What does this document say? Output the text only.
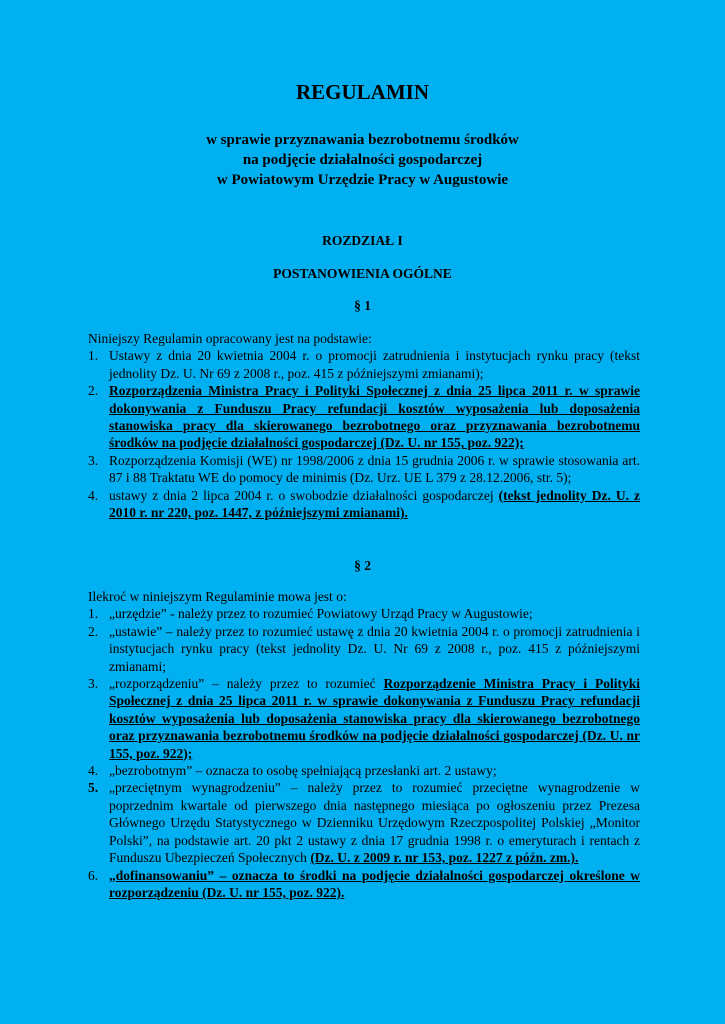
REGULAMIN
w sprawie przyznawania bezrobotnemu środków
na podjęcie działalności gospodarczej
w Powiatowym Urzędzie Pracy w Augustowie
ROZDZIAŁ I
POSTANOWIENIA OGÓLNE
§ 1

Niniejszy Regulamin opracowany jest na podstawie:

1. Ustawy z dnia 20 kwietnia 2004 r. o promocji zatrudnienia i instytucjach rynku pracy (tekst jednolity Dz. U. Nr 69 z 2008 r., poz. 415 z późniejszymi zmianami);
2. Rozporządzenia Ministra Pracy i Polityki Społecznej z dnia 25 lipca 2011 r. w sprawie dokonywania z Funduszu Pracy refundacji kosztów wyposażenia lub doposażenia stanowiska pracy dla skierowanego bezrobotnego oraz przyznawania bezrobotnemu środków na podjęcie działalności gospodarczej (Dz. U. nr 155, poz. 922);
3. Rozporządzenia Komisji (WE) nr 1998/2006 z dnia 15 grudnia 2006 r. w sprawie stosowania art. 87 i 88 Traktatu WE do pomocy de minimis (Dz. Urz. UE L 379 z 28.12.2006, str. 5);
4. ustawy z dnia 2 lipca 2004 r. o swobodzie działalności gospodarczej (tekst jednolity Dz. U. z 2010 r. nr 220, poz. 1447, z późniejszymi zmianami).
§ 2

Ilekroć w niniejszym Regulaminie mowa jest o:

1. „urzędzie” - należy przez to rozumieć Powiatowy Urząd Pracy w Augustowie;
2. „ustawie” – należy przez to rozumieć ustawę z dnia 20 kwietnia 2004 r. o promocji zatrudnienia i instytucjach rynku pracy (tekst jednolity Dz. U. Nr 69 z 2008 r., poz. 415 z późniejszymi zmianami;
3. „rozporządzeniu” – należy przez to rozumieć Rozporządzenie Ministra Pracy i Polityki Społecznej z dnia 25 lipca 2011 r. w sprawie dokonywania z Funduszu Pracy refundacji kosztów wyposażenia lub doposażenia stanowiska pracy dla skierowanego bezrobotnego oraz przyznawania bezrobotnemu środków na podjęcie działalności gospodarczej (Dz. U. nr 155, poz. 922);
4. „bezrobotnym” – oznacza to osobę spełniającą przesłanki art. 2 ustawy;
5. „przeciętnym wynagrodzeniu” – należy przez to rozumieć przeciętne wynagrodzenie w poprzednim kwartale od pierwszego dnia następnego miesiąca po ogłoszeniu przez Prezesa Głównego Urzędu Statystycznego w Dzienniku Urzędowym Rzeczpospolitej Polskiej „Monitor Polski”, na podstawie art. 20 pkt 2 ustawy z dnia 17 grudnia 1998 r. o emeryturach i rentach z Funduszu Ubezpieczeń Społecznych (Dz. U. z 2009 r. nr 153, poz. 1227 z późn. zm.).
6. „dofinansowaniu” – oznacza to środki na podjęcie działalności gospodarczej określone w rozporządzeniu (Dz. U. nr 155, poz. 922).
